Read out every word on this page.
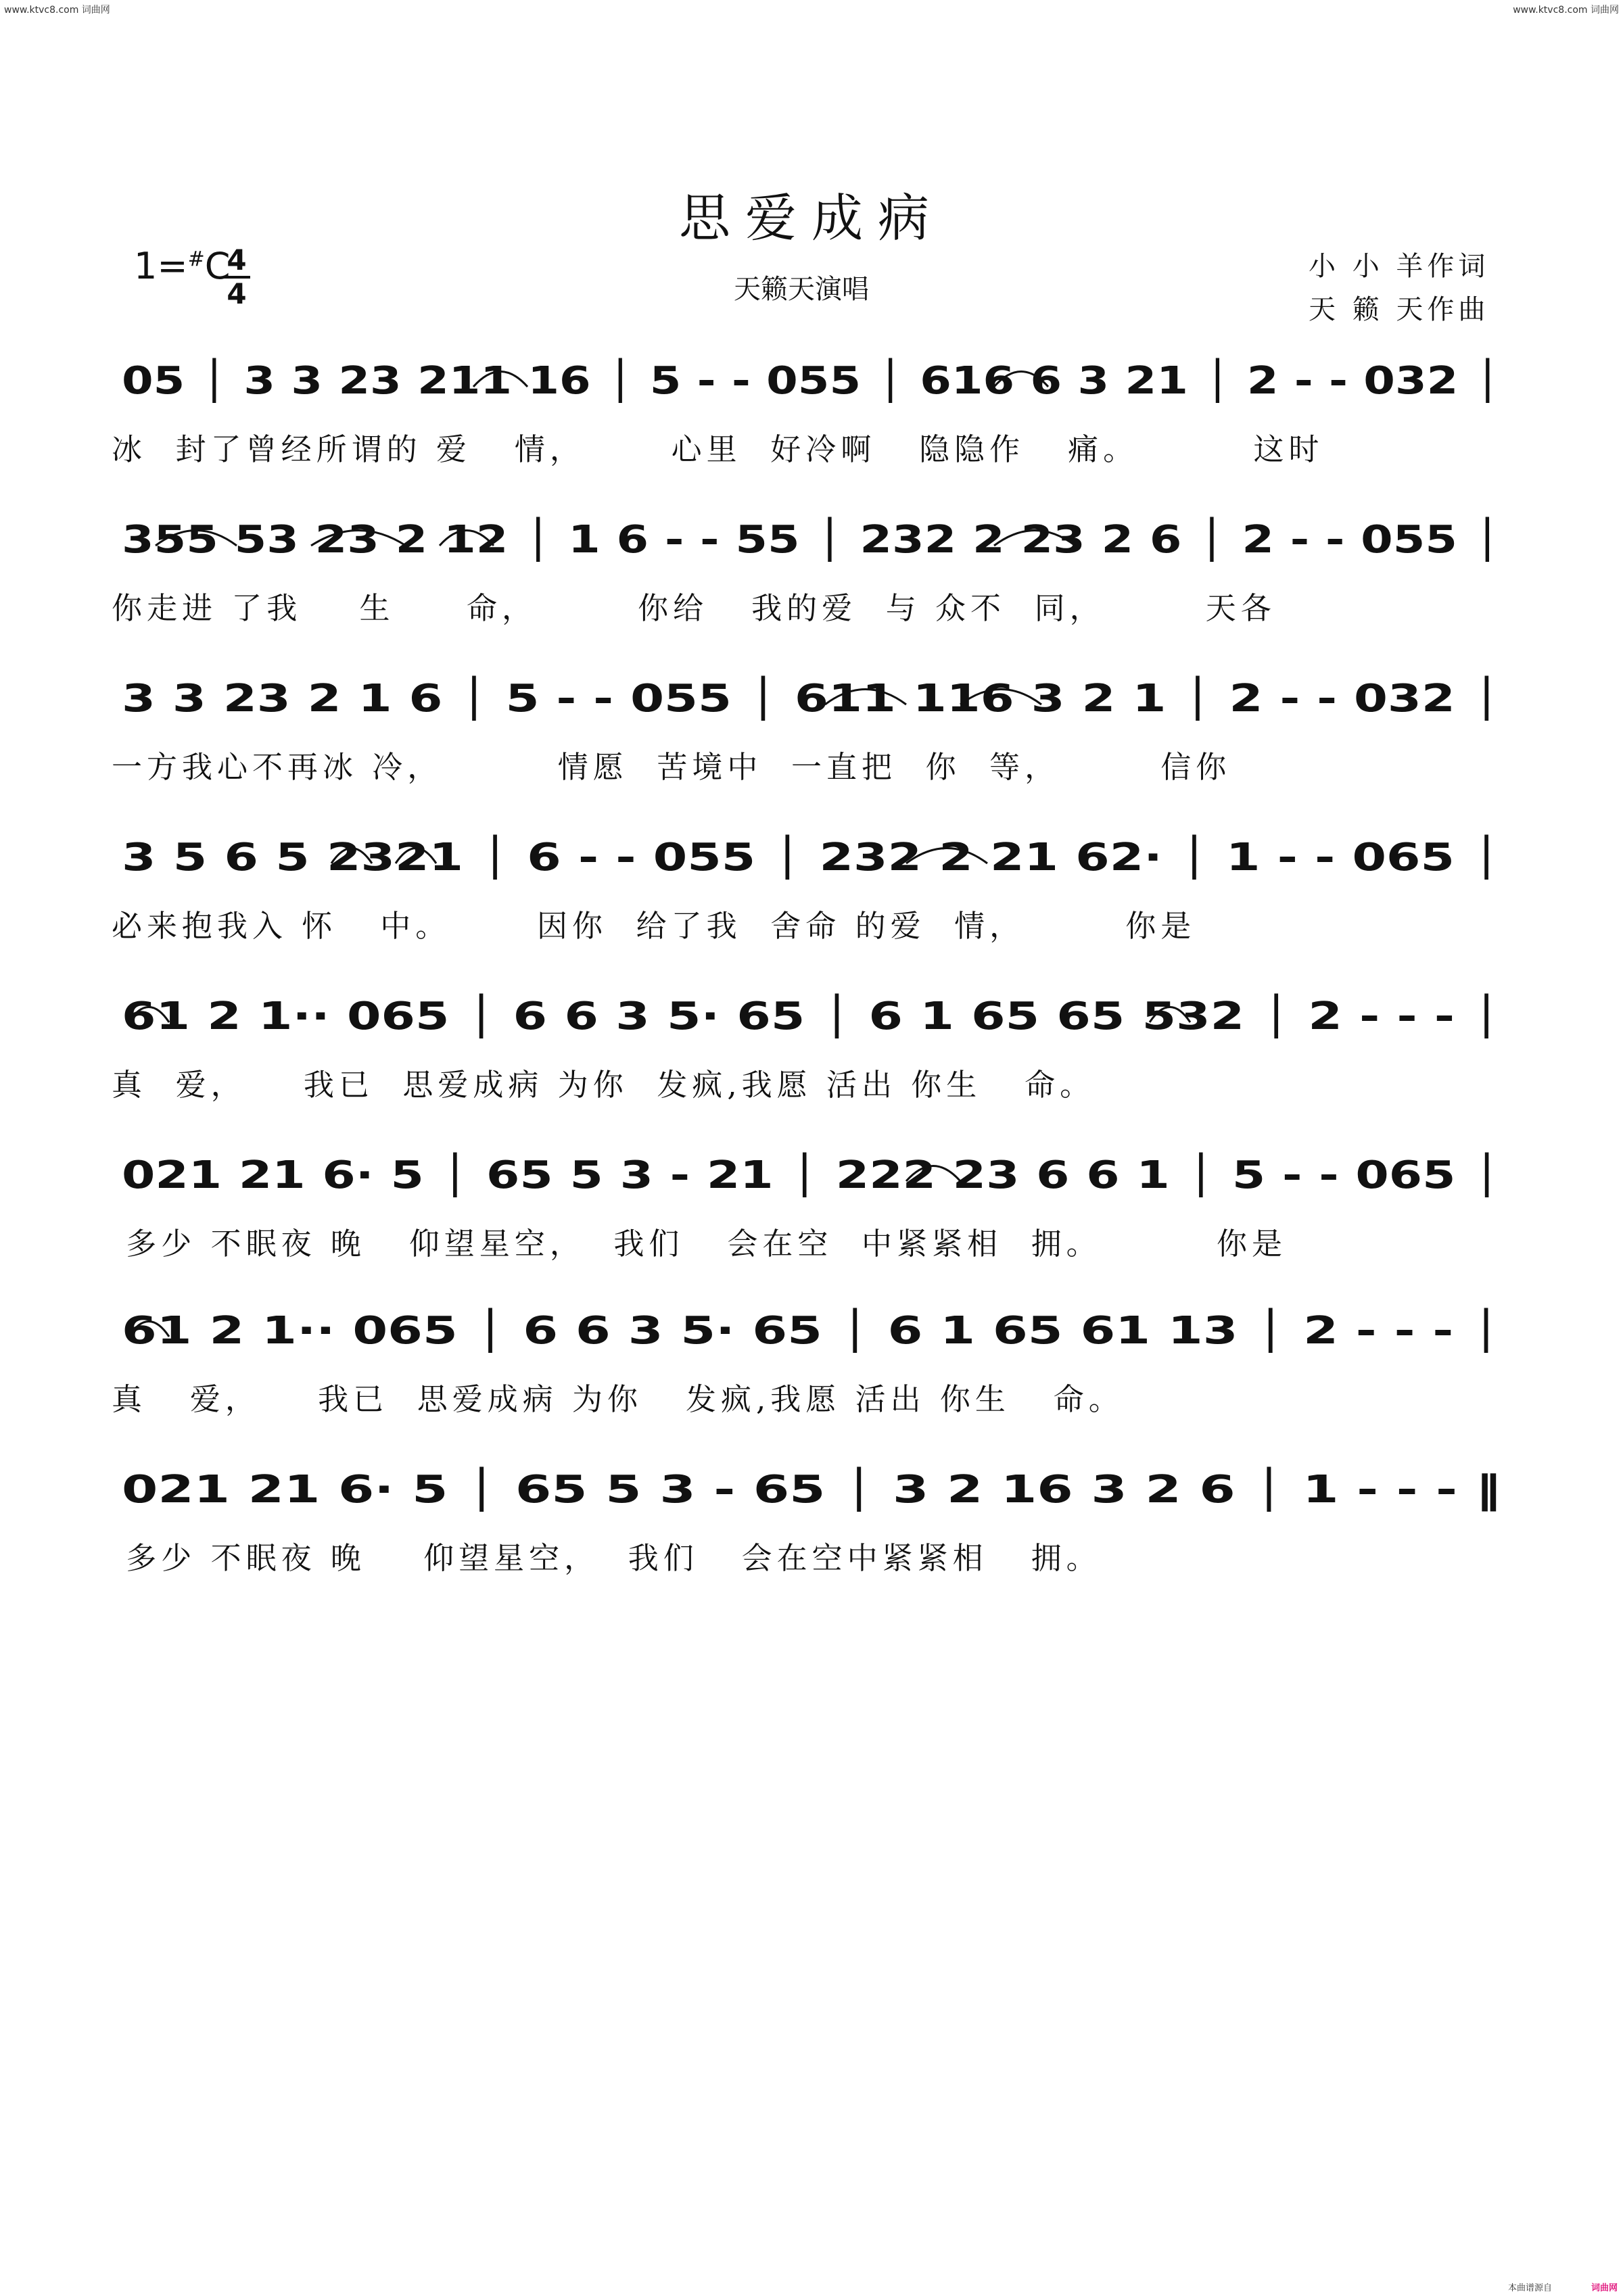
www.ktvc8.com 词曲网	www.ktvc8.com 词曲网
思爱成病
1=#C
4
4	天籁天演唱
小 小 羊作词
天 籁 天作曲
05 │ 3 3 23 211 16 │ 5 - - 055 │ 616 6 3 21 │ 2 - - 032 │
冰  封了曾经所谓的 爱   情，      心里  好冷啊   隐隐作   痛。        这时
355 53 23 2 12 │ 1 6 - - 55 │ 232 2 23 2 6 │ 2 - - 055 │
你走进 了我    生     命，       你给   我的爱  与 众不  同，       天各
3 3 23 2 1 6 │ 5 - - 055 │ 611 116 3 2 1 │ 2 - - 032 │
一方我心不再冰 冷，        情愿  苦境中  一直把  你  等，       信你
3 5 6 5 2321 │ 6 - - 055 │ 232 2 21 62· │ 1 - - 065 │
必来抱我入 怀   中。      因你  给了我  舍命 的爱  情，       你是
61 2 1·· 065 │ 6 6 3 5· 65 │ 6 1 65 65 532 │ 2 - - - │
真  爱，    我已  思爱成病 为你  发疯,我愿 活出 你生   命。
021 21 6· 5 │ 65 5 3 - 21 │ 222 23 6 6 1 │ 5 - - 065 │
多少 不眠夜 晚   仰望星空，  我们   会在空  中紧紧相  拥。        你是
61 2 1·· 065 │ 6 6 3 5· 65 │ 6 1 65 61 13 │ 2 - - - │
真   爱，    我已  思爱成病 为你   发疯,我愿 活出 你生   命。
021 21 6· 5 │ 65 5 3 - 65 │ 3 2 16 3 2 6 │ 1 - - - ‖
多少 不眠夜 晚    仰望星空，  我们   会在空中紧紧相   拥。
本曲谱源自	词曲网
